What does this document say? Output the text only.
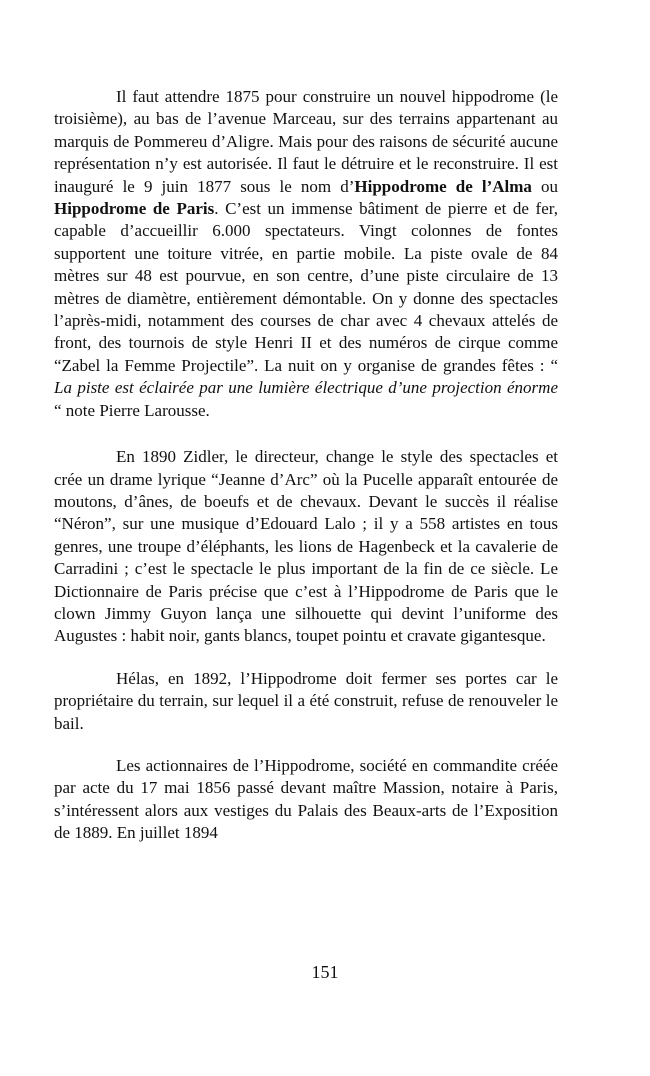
Il faut attendre 1875 pour construire un nouvel hippodrome (le troisième), au bas de l’avenue Marceau, sur des terrains appartenant au marquis de Pommereu d’Aligre. Mais pour des raisons de sécurité aucune représentation n’y est autorisée. Il faut le détruire et le reconstruire. Il est inauguré le 9 juin 1877 sous le nom d’Hippodrome de l’Alma ou Hippodrome de Paris. C’est un immense bâtiment de pierre et de fer, capable d’accueillir 6.000 spectateurs. Vingt colonnes de fontes supportent une toiture vitrée, en partie mobile. La piste ovale de 84 mètres sur 48 est pourvue, en son centre, d’une piste circulaire de 13 mètres de diamètre, entièrement démontable. On y donne des spectacles l’après-midi, notamment des courses de char avec 4 chevaux attelés de front, des tournois de style Henri II et des numéros de cirque comme “Zabel la Femme Projectile”. La nuit on y organise de grandes fêtes : “ La piste est éclairée par une lumière électrique d’une projection énorme “ note Pierre Larousse.

En 1890 Zidler, le directeur, change le style des spectacles et crée un drame lyrique “Jeanne d’Arc” où la Pucelle apparaît entourée de moutons, d’ânes, de boeufs et de chevaux. Devant le succès il réalise “Néron”, sur une musique d’Edouard Lalo ; il y a 558 artistes en tous genres, une troupe d’éléphants, les lions de Hagenbeck et la cavalerie de Carradini ; c’est le spectacle le plus important de la fin de ce siècle. Le Dictionnaire de Paris précise que c’est à l’Hippodrome de Paris que le clown Jimmy Guyon lança une silhouette qui devint l’uniforme des Augustes : habit noir, gants blancs, toupet pointu et cravate gigantesque.

Hélas, en 1892, l’Hippodrome doit fermer ses portes car le propriétaire du terrain, sur lequel il a été construit, refuse de renouveler le bail.

Les actionnaires de l’Hippodrome, société en commandite créée par acte du 17 mai 1856 passé devant maître Massion, notaire à Paris, s’intéressent alors aux vestiges du Palais des Beaux-arts de l’Exposition de 1889. En juillet 1894

151
